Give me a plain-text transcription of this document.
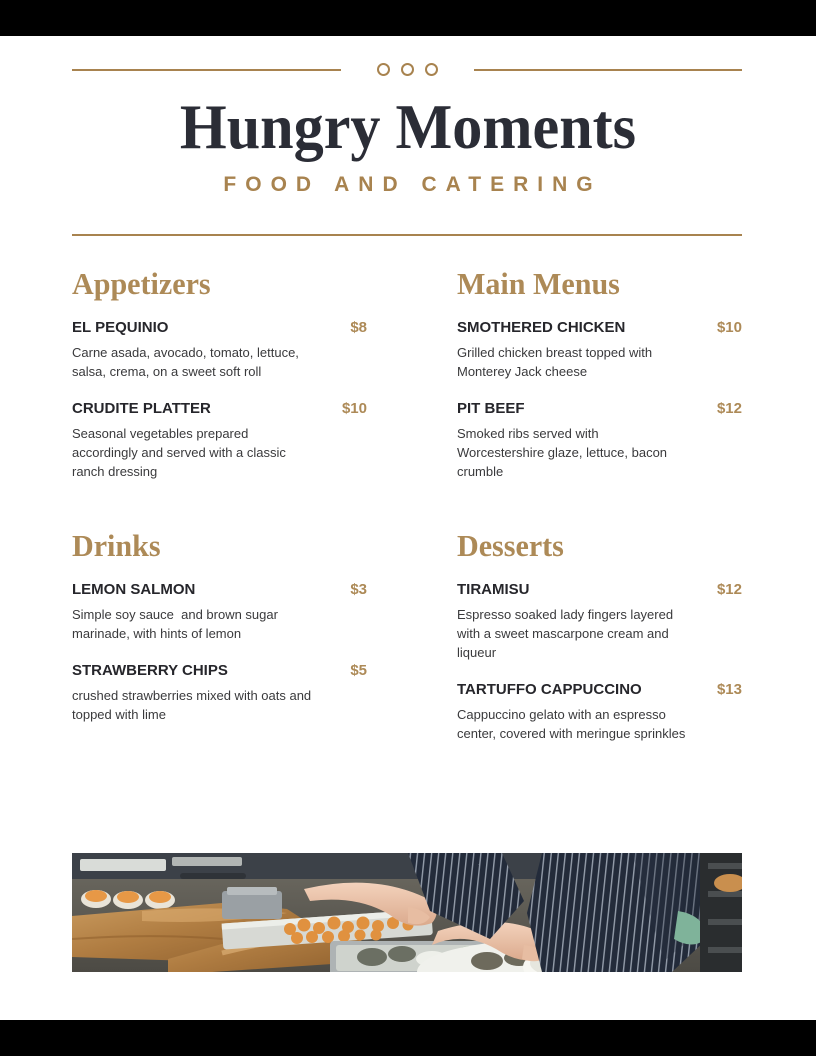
Hungry Moments
FOOD AND CATERING
Appetizers
EL PEQUINIO	$8
Carne asada, avocado, tomato, lettuce, salsa, crema, on a sweet soft roll
CRUDITE PLATTER	$10
Seasonal vegetables prepared accordingly and served with a classic ranch dressing
Main Menus
SMOTHERED CHICKEN	$10
Grilled chicken breast topped with Monterey Jack cheese
PIT BEEF	$12
Smoked ribs served with Worcestershire glaze, lettuce, bacon crumble
Drinks
LEMON SALMON	$3
Simple soy sauce  and brown sugar marinade, with hints of lemon
STRAWBERRY CHIPS	$5
crushed strawberries mixed with oats and topped with lime
Desserts
TIRAMISU	$12
Espresso soaked lady fingers layered with a sweet mascarpone cream and liqueur
TARTUFFO CAPPUCCINO	$13
Cappuccino gelato with an espresso center, covered with meringue sprinkles
